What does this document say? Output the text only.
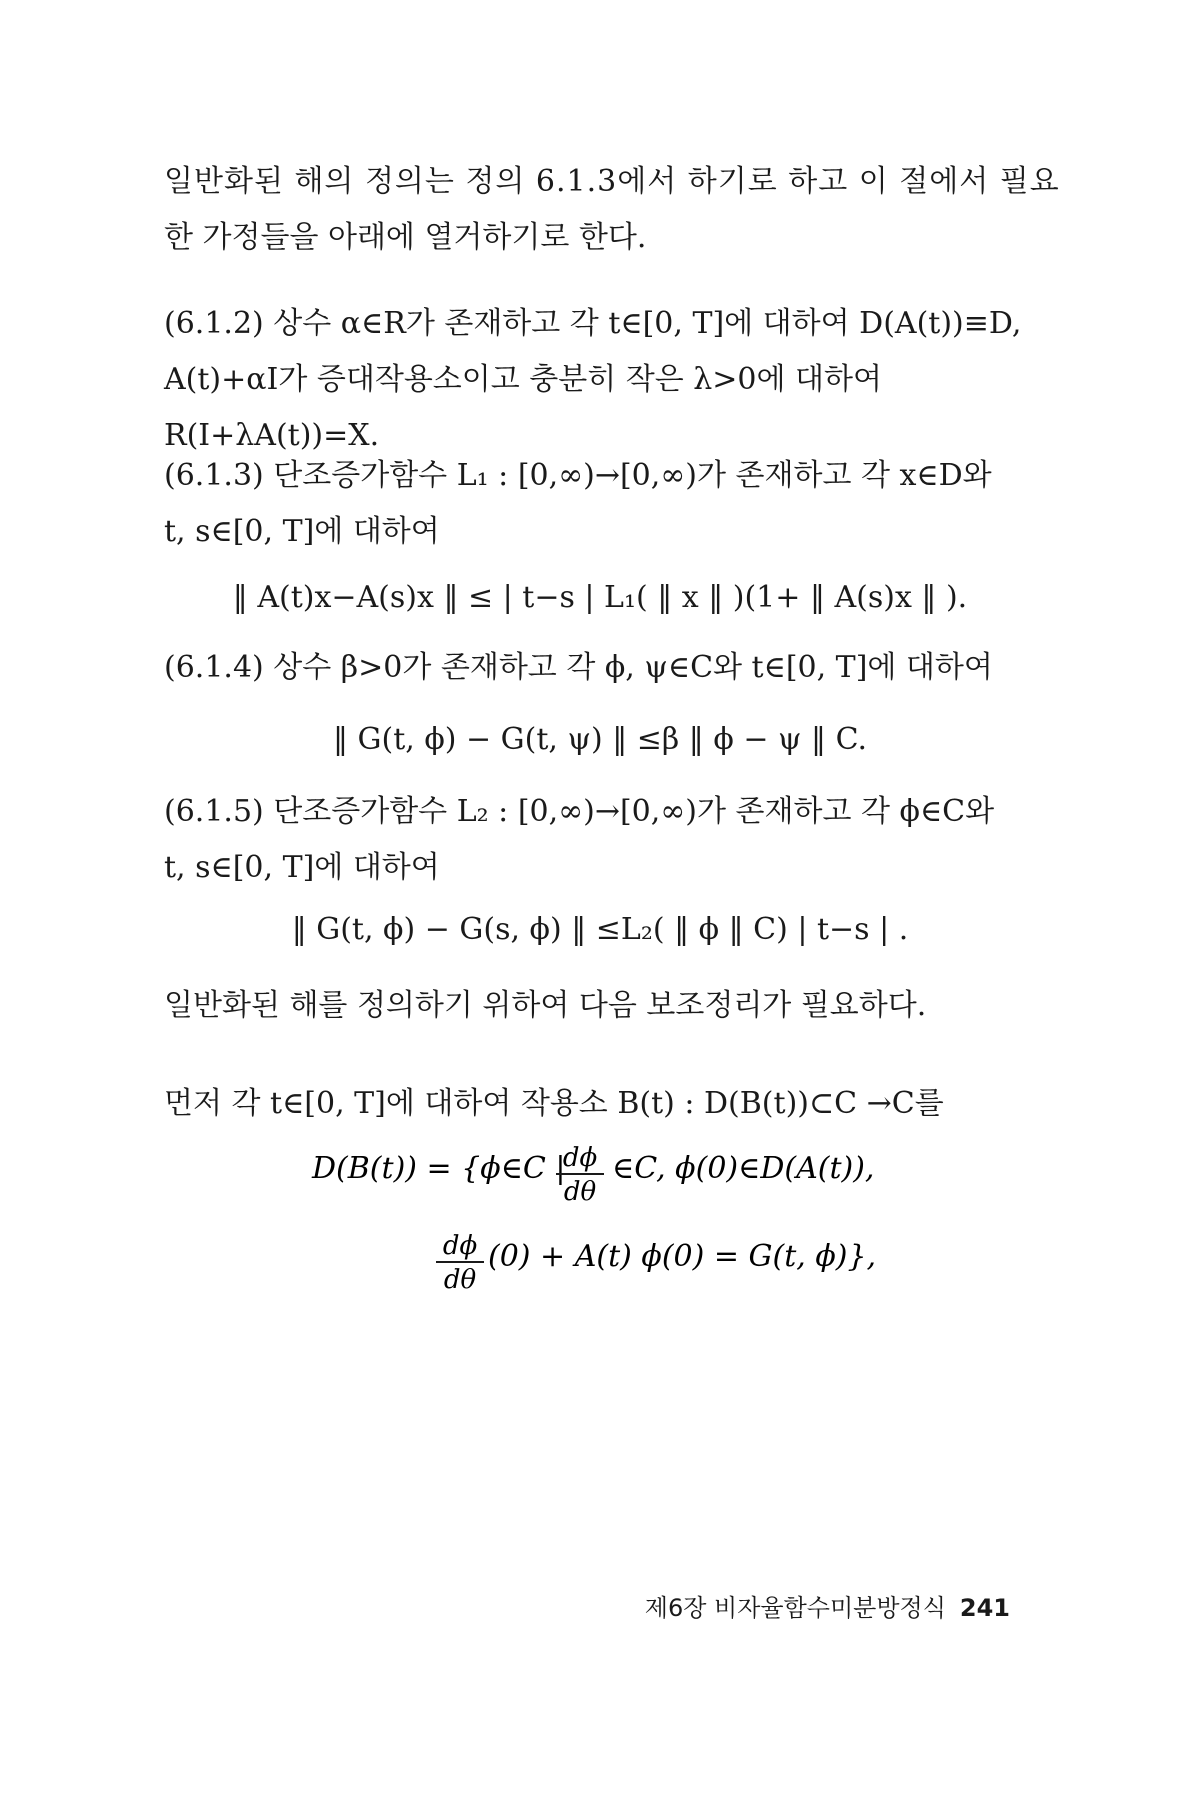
일반화된 해의 정의는 정의 6.1.3에서 하기로 하고 이 절에서 필요
한 가정들을 아래에 열거하기로 한다.

(6.1.2) 상수 α∈R가 존재하고 각 t∈[0, T]에 대하여 D(A(t))≡D,
A(t)+αI가 증대작용소이고 충분히 작은 λ>0에 대하여
R(I+λA(t))=X.

(6.1.3) 단조증가함수 L₁ : [0,∞)→[0,∞)가 존재하고 각 x∈D와
t, s∈[0, T]에 대하여

‖ A(t)x−A(s)x ‖ ≤ | t−s | L₁( ‖ x ‖ )(1+ ‖ A(s)x ‖ ).

(6.1.4) 상수 β>0가 존재하고 각 ϕ, ψ∈C와 t∈[0, T]에 대하여

‖ G(t, ϕ) − G(t, ψ) ‖ ≤β ‖ ϕ − ψ ‖ C.

(6.1.5) 단조증가함수 L₂ : [0,∞)→[0,∞)가 존재하고 각 ϕ∈C와
t, s∈[0, T]에 대하여

‖ G(t, ϕ) − G(s, ϕ) ‖ ≤L₂( ‖ ϕ ‖ C) | t−s | .

일반화된 해를 정의하기 위하여 다음 보조정리가 필요하다.

먼저 각 t∈[0, T]에 대하여 작용소 B(t) : D(B(t))⊂C →C를

D(B(t)) = {ϕ∈C |
dϕ
dθ
∈C, ϕ(0)∈D(A(t)),
dϕ
dθ
(0) + A(t) ϕ(0) = G(t, ϕ)},
제6장 비자율함수미분방정식 241
